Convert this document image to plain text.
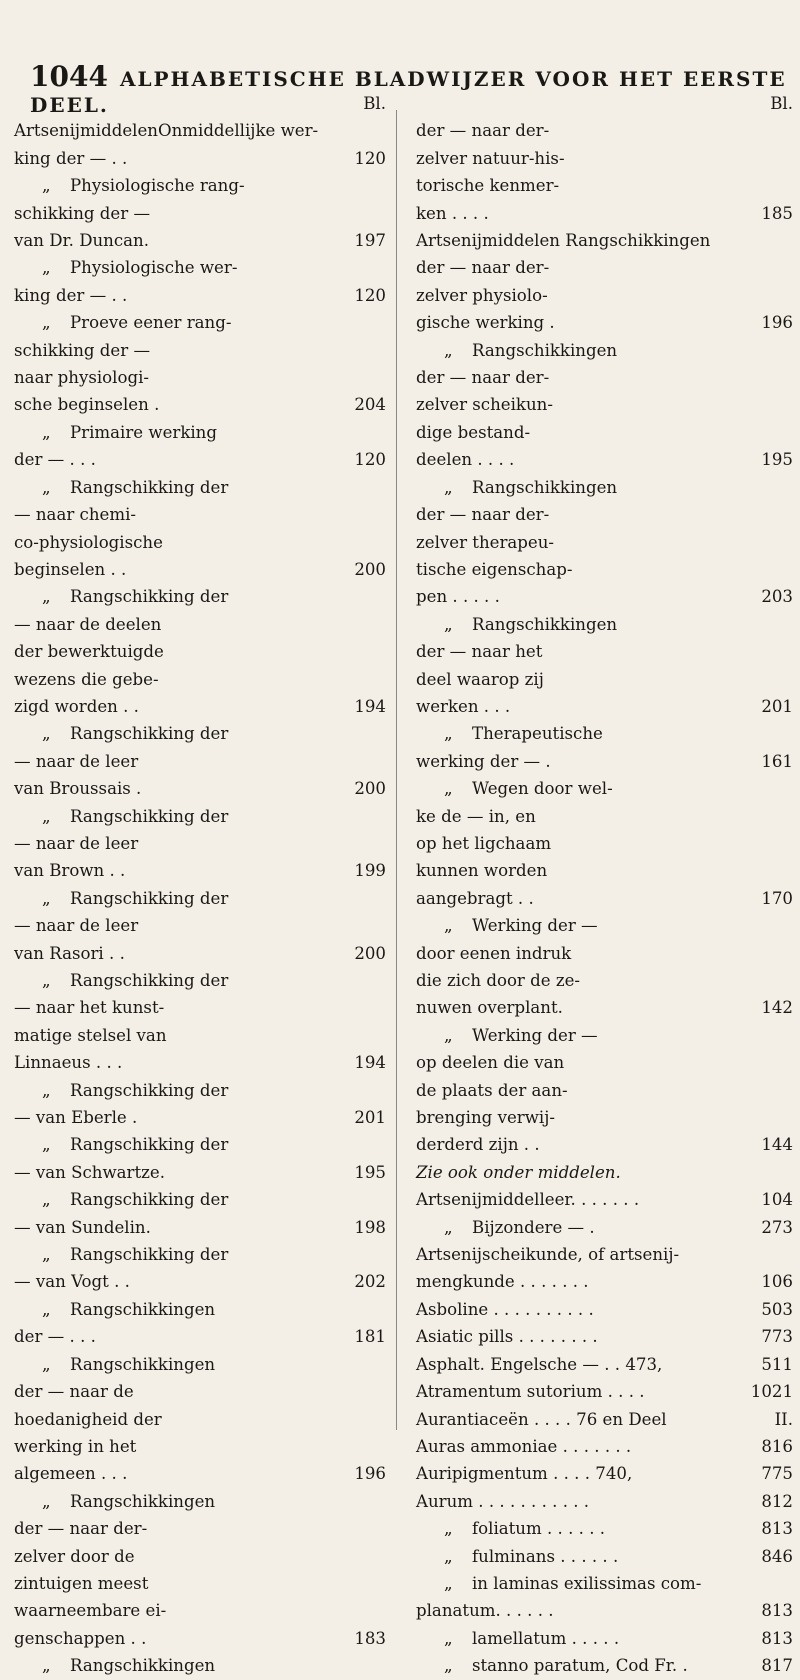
1044 ALPHABETISCHE BLADWIJZER VOOR HET EERSTE DEEL.	Bl.
ArtsenijmiddelenOnmiddellijke wer-
king der — . .	120
„ Physiologische rang-
schikking der —
van Dr. Duncan.	197
„ Physiologische wer-
king der — . .	120
„ Proeve eener rang-
schikking der —
naar physiologi-
sche beginselen .	204
„ Primaire werking
der — . . .	120
„ Rangschikking der
— naar chemi-
co-physiologische
beginselen . .	200
„ Rangschikking der
— naar de deelen
der bewerktuigde
wezens die gebe-
zigd worden . .	194
„ Rangschikking der
— naar de leer
van Broussais .	200
„ Rangschikking der
— naar de leer
van Brown . .	199
„ Rangschikking der
— naar de leer
van Rasori . .	200
„ Rangschikking der
— naar het kunst-
matige stelsel van
Linnaeus . . .	194
„ Rangschikking der
— van Eberle .	201
„ Rangschikking der
— van Schwartze.	195
„ Rangschikking der
— van Sundelin.	198
„ Rangschikking der
— van Vogt . .	202
„ Rangschikkingen
der — . . .	181
„ Rangschikkingen
der — naar de
hoedanigheid der
werking in het
algemeen . . .	196
„ Rangschikkingen
der — naar der-
zelver door de
zintuigen meest
waarneembare ei-
genschappen . .	183
„ Rangschikkingen
Bl.
der — naar der-
zelver natuur-his-
torische kenmer-
ken . . . .	185
Artsenijmiddelen Rangschikkingen
der — naar der-
zelver physiolo-
gische werking .	196
„ Rangschikkingen
der — naar der-
zelver scheikun-
dige bestand-
deelen . . . .	195
„ Rangschikkingen
der — naar der-
zelver therapeu-
tische eigenschap-
pen . . . . .	203
„ Rangschikkingen
der — naar het
deel waarop zij
werken . . .	201
„ Therapeutische
werking der — .	161
„ Wegen door wel-
ke de — in, en
op het ligchaam
kunnen worden
aangebragt . .	170
„ Werking der —
door eenen indruk
die zich door de ze-
nuwen overplant.	142
„ Werking der —
op deelen die van
de plaats der aan-
brenging verwij-
derderd zijn . .	144
Zie ook onder middelen.
Artsenijmiddelleer. . . . . . .	104
„ Bijzondere — .	273
Artsenijscheikunde, of artsenij-
mengkunde . . . . . . .	106
Asboline . . . . . . . . . .	503
Asiatic pills . . . . . . . .	773
Asphalt. Engelsche — . . 473,	511
Atramentum sutorium . . . .	1021
Aurantiaceën . . . . 76 en Deel	II.
Auras ammoniae . . . . . . .	816
Auripigmentum . . . . 740,	775
Aurum . . . . . . . . . . .	812
„ foliatum . . . . . .	813
„ fulminans . . . . . .	846
„ in laminas exilissimas com-
planatum. . . . . .	813
„ lamellatum . . . . .	813
„ stanno paratum, Cod Fr. .	817
